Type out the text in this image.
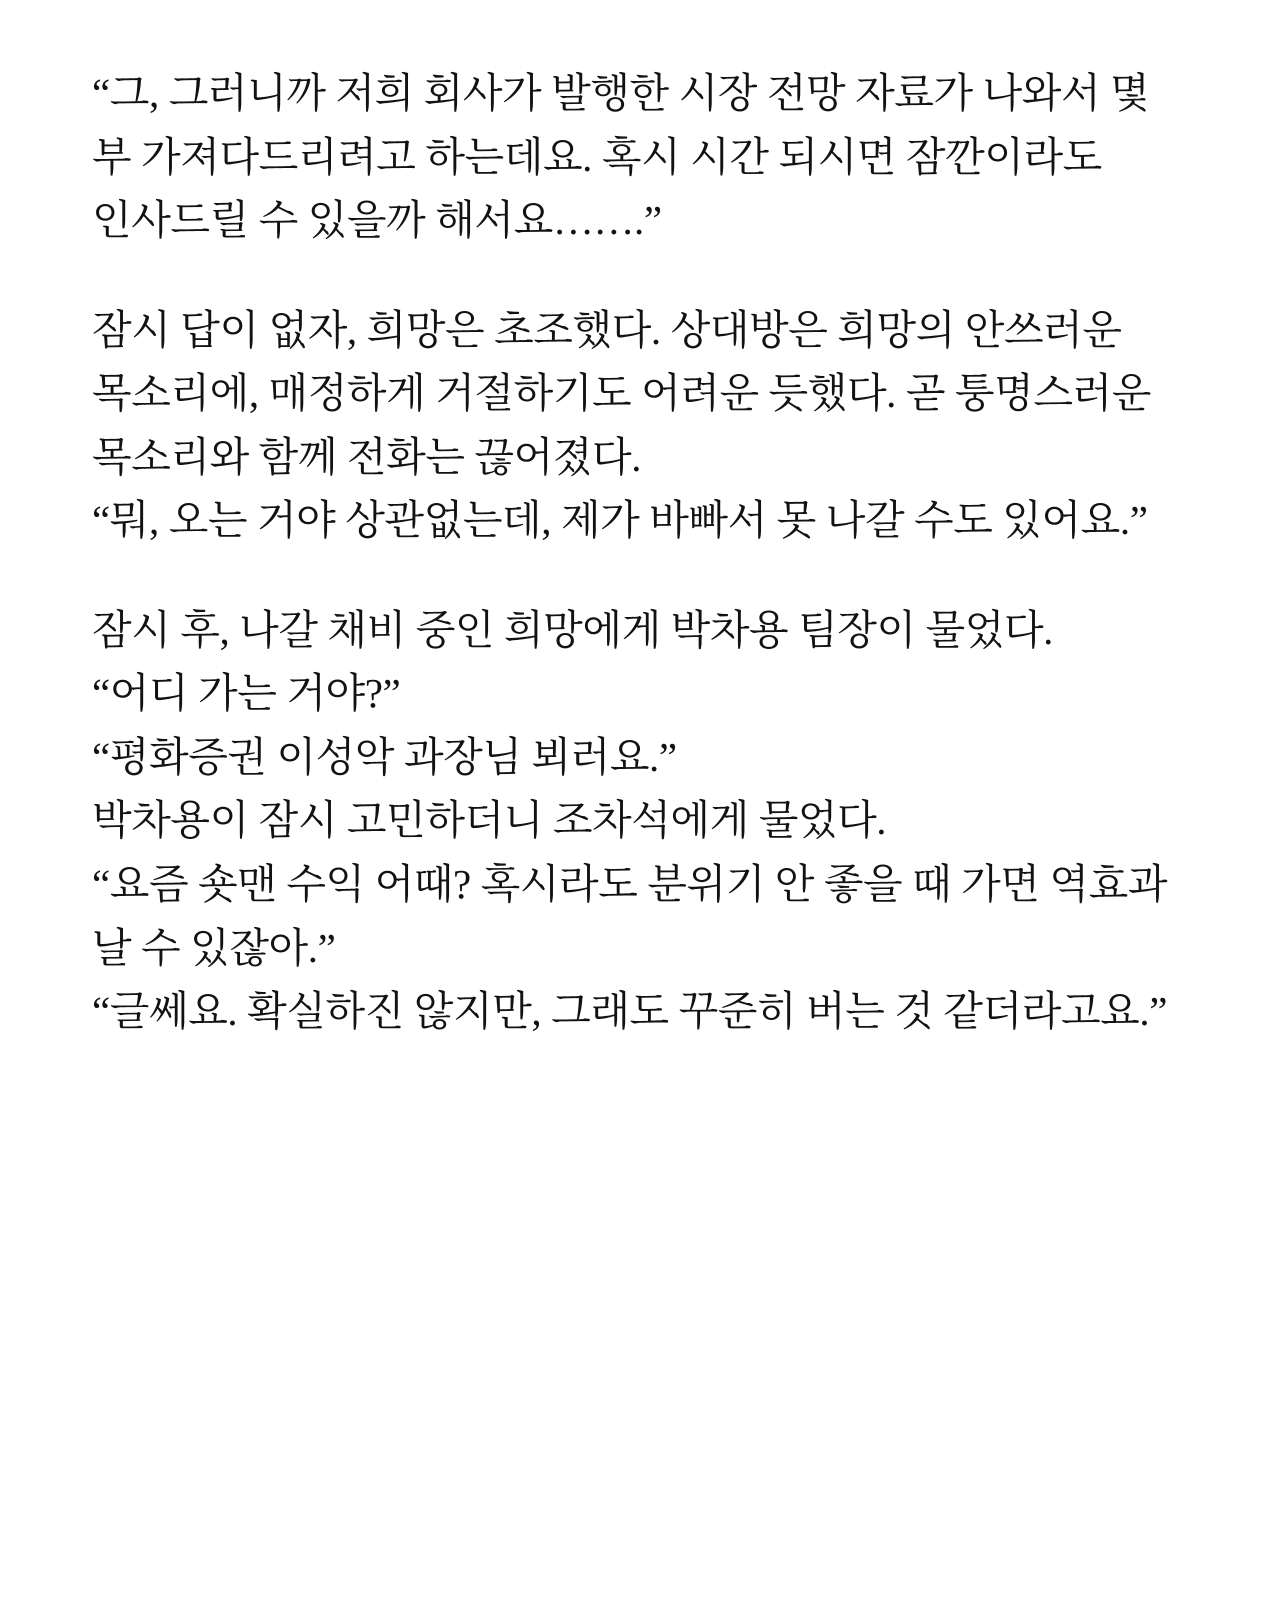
“그, 그러니까 저희 회사가 발행한 시장 전망 자료가 나와서 몇 부 가져다드리려고 하는데요. 혹시 시간 되시면 잠깐이라도 인사드릴 수 있을까 해서요…….”

잠시 답이 없자, 희망은 초조했다. 상대방은 희망의 안쓰러운 목소리에, 매정하게 거절하기도 어려운 듯했다. 곧 퉁명스러운 목소리와 함께 전화는 끊어졌다.

“뭐, 오는 거야 상관없는데, 제가 바빠서 못 나갈 수도 있어요.”

잠시 후, 나갈 채비 중인 희망에게 박차용 팀장이 물었다.

“어디 가는 거야?”

“평화증권 이성악 과장님 뵈러요.”

박차용이 잠시 고민하더니 조차석에게 물었다.

“요즘 숏맨 수익 어때? 혹시라도 분위기 안 좋을 때 가면 역효과 날 수 있잖아.”

“글쎄요. 확실하진 않지만, 그래도 꾸준히 버는 것 같더라고요.”
